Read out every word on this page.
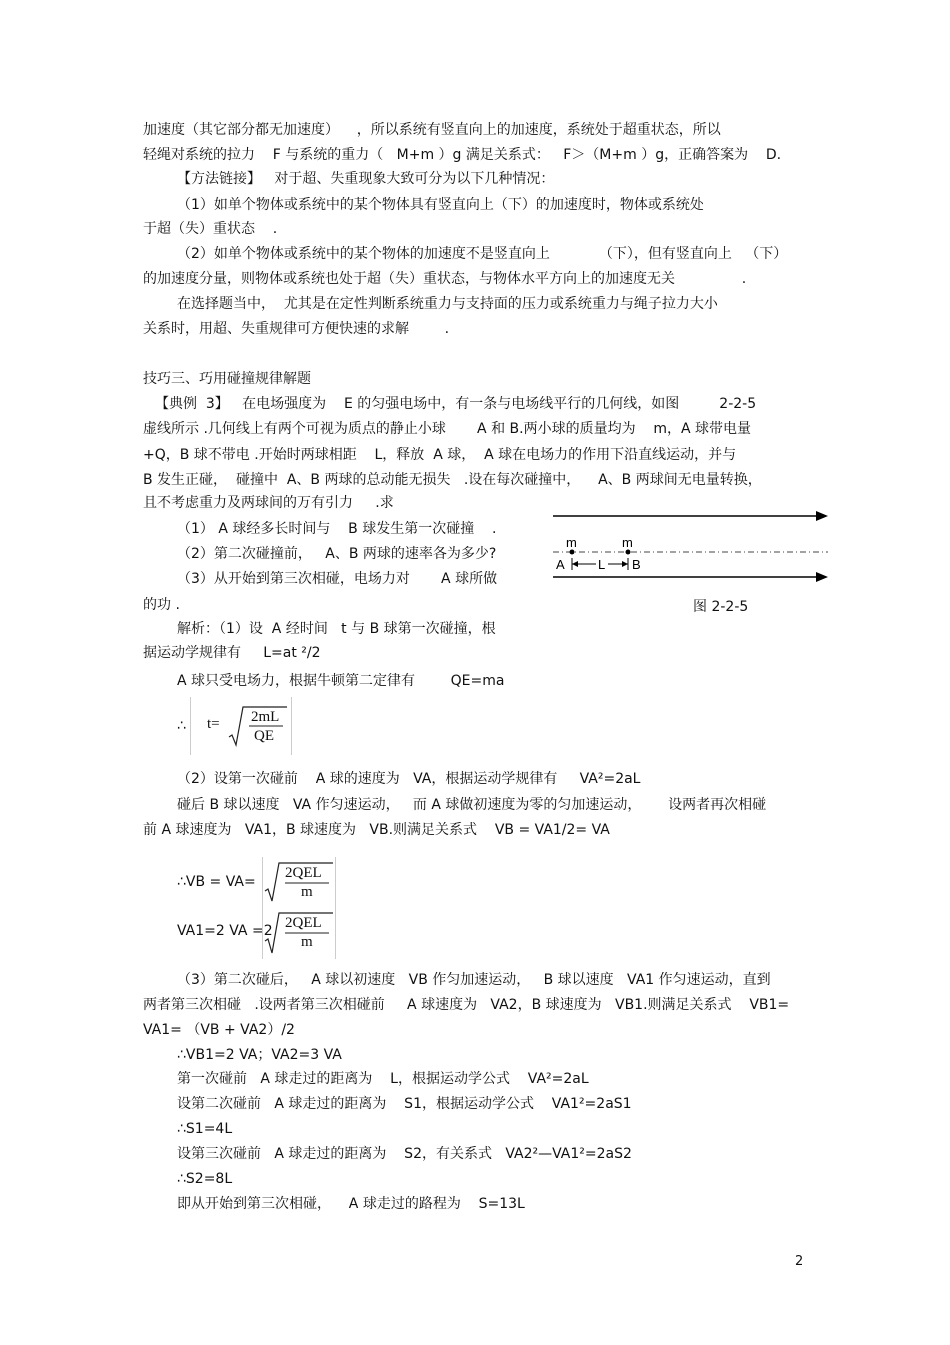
加速度（其它部分都无加速度）    ，所以系统有竖直向上的加速度，系统处于超重状态，所以
轻绳对系统的拉力    F 与系统的重力（   M+m ）g 满足关系式：   F＞（M+m ）g，正确答案为    D.
【方法链接】   对于超、失重现象大致可分为以下几种情况：
（1）如单个物体或系统中的某个物体具有竖直向上（下）的加速度时，物体或系统处
于超（失）重状态    .
（2）如单个物体或系统中的某个物体的加速度不是竖直向上           （下），但有竖直向上   （下）
的加速度分量，则物体或系统也处于超（失）重状态，与物体水平方向上的加速度无关               .
在选择题当中，  尤其是在定性判断系统重力与支持面的压力或系统重力与绳子拉力大小
关系时，用超、失重规律可方便快速的求解        .
技巧三、巧用碰撞规律解题
【典例  3】   在电场强度为    E 的匀强电场中，有一条与电场线平行的几何线，如图         2-2-5
虚线所示 .几何线上有两个可视为质点的静止小球       A 和 B.两小球的质量均为    m，A 球带电量
+Q，B 球不带电 .开始时两球相距    L，释放  A 球，  A 球在电场力的作用下沿直线运动，并与
B 发生正碰，  碰撞中  A、B 两球的总动能无损失   .设在每次碰撞中，    A、B 两球间无电量转换，
且不考虑重力及两球间的万有引力     .求
（1） A 球经多长时间与    B 球发生第一次碰撞    .
（2）第二次碰撞前，   A、B 两球的速率各为多少?
（3）从开始到第三次相碰，电场力对       A 球所做
的功 .
解析：（1）设  A 经时间   t 与 B 球第一次碰撞，根
据运动学规律有     L=at ²/2
A 球只受电场力，根据牛顿第二定律有        QE=ma
∴ t= 2mL
QE
（2）设第一次碰前    A 球的速度为   VA，根据运动学规律有     VA²=2aL
碰后 B 球以速度   VA 作匀速运动，   而 A 球做初速度为零的匀加速运动，      设两者再次相碰
前 A 球速度为   VA1，B 球速度为   VB.则满足关系式    VB = VA1/2= VA
∴VB = VA=
2QEL
m
VA1=2 VA =2 2QEL
m
（3）第二次碰后，   A 球以初速度   VB 作匀加速运动，   B 球以速度   VA1 作匀速运动，直到
两者第三次相碰   .设两者第三次相碰前     A 球速度为   VA2，B 球速度为   VB1.则满足关系式    VB1=
VA1= （VB + VA2）/2
∴VB1=2 VA；VA2=3 VA
第一次碰前   A 球走过的距离为    L，根据运动学公式    VA²=2aL
设第二次碰前   A 球走过的距离为    S1，根据运动学公式    VA1²=2aS1
∴S1=4L
设第三次碰前   A 球走过的距离为    S2，有关系式   VA2²—VA1²=2aS2
∴S2=8L
即从开始到第三次相碰，    A 球走过的路程为    S=13L
m	m
A	L B
图 2-2-5
2
